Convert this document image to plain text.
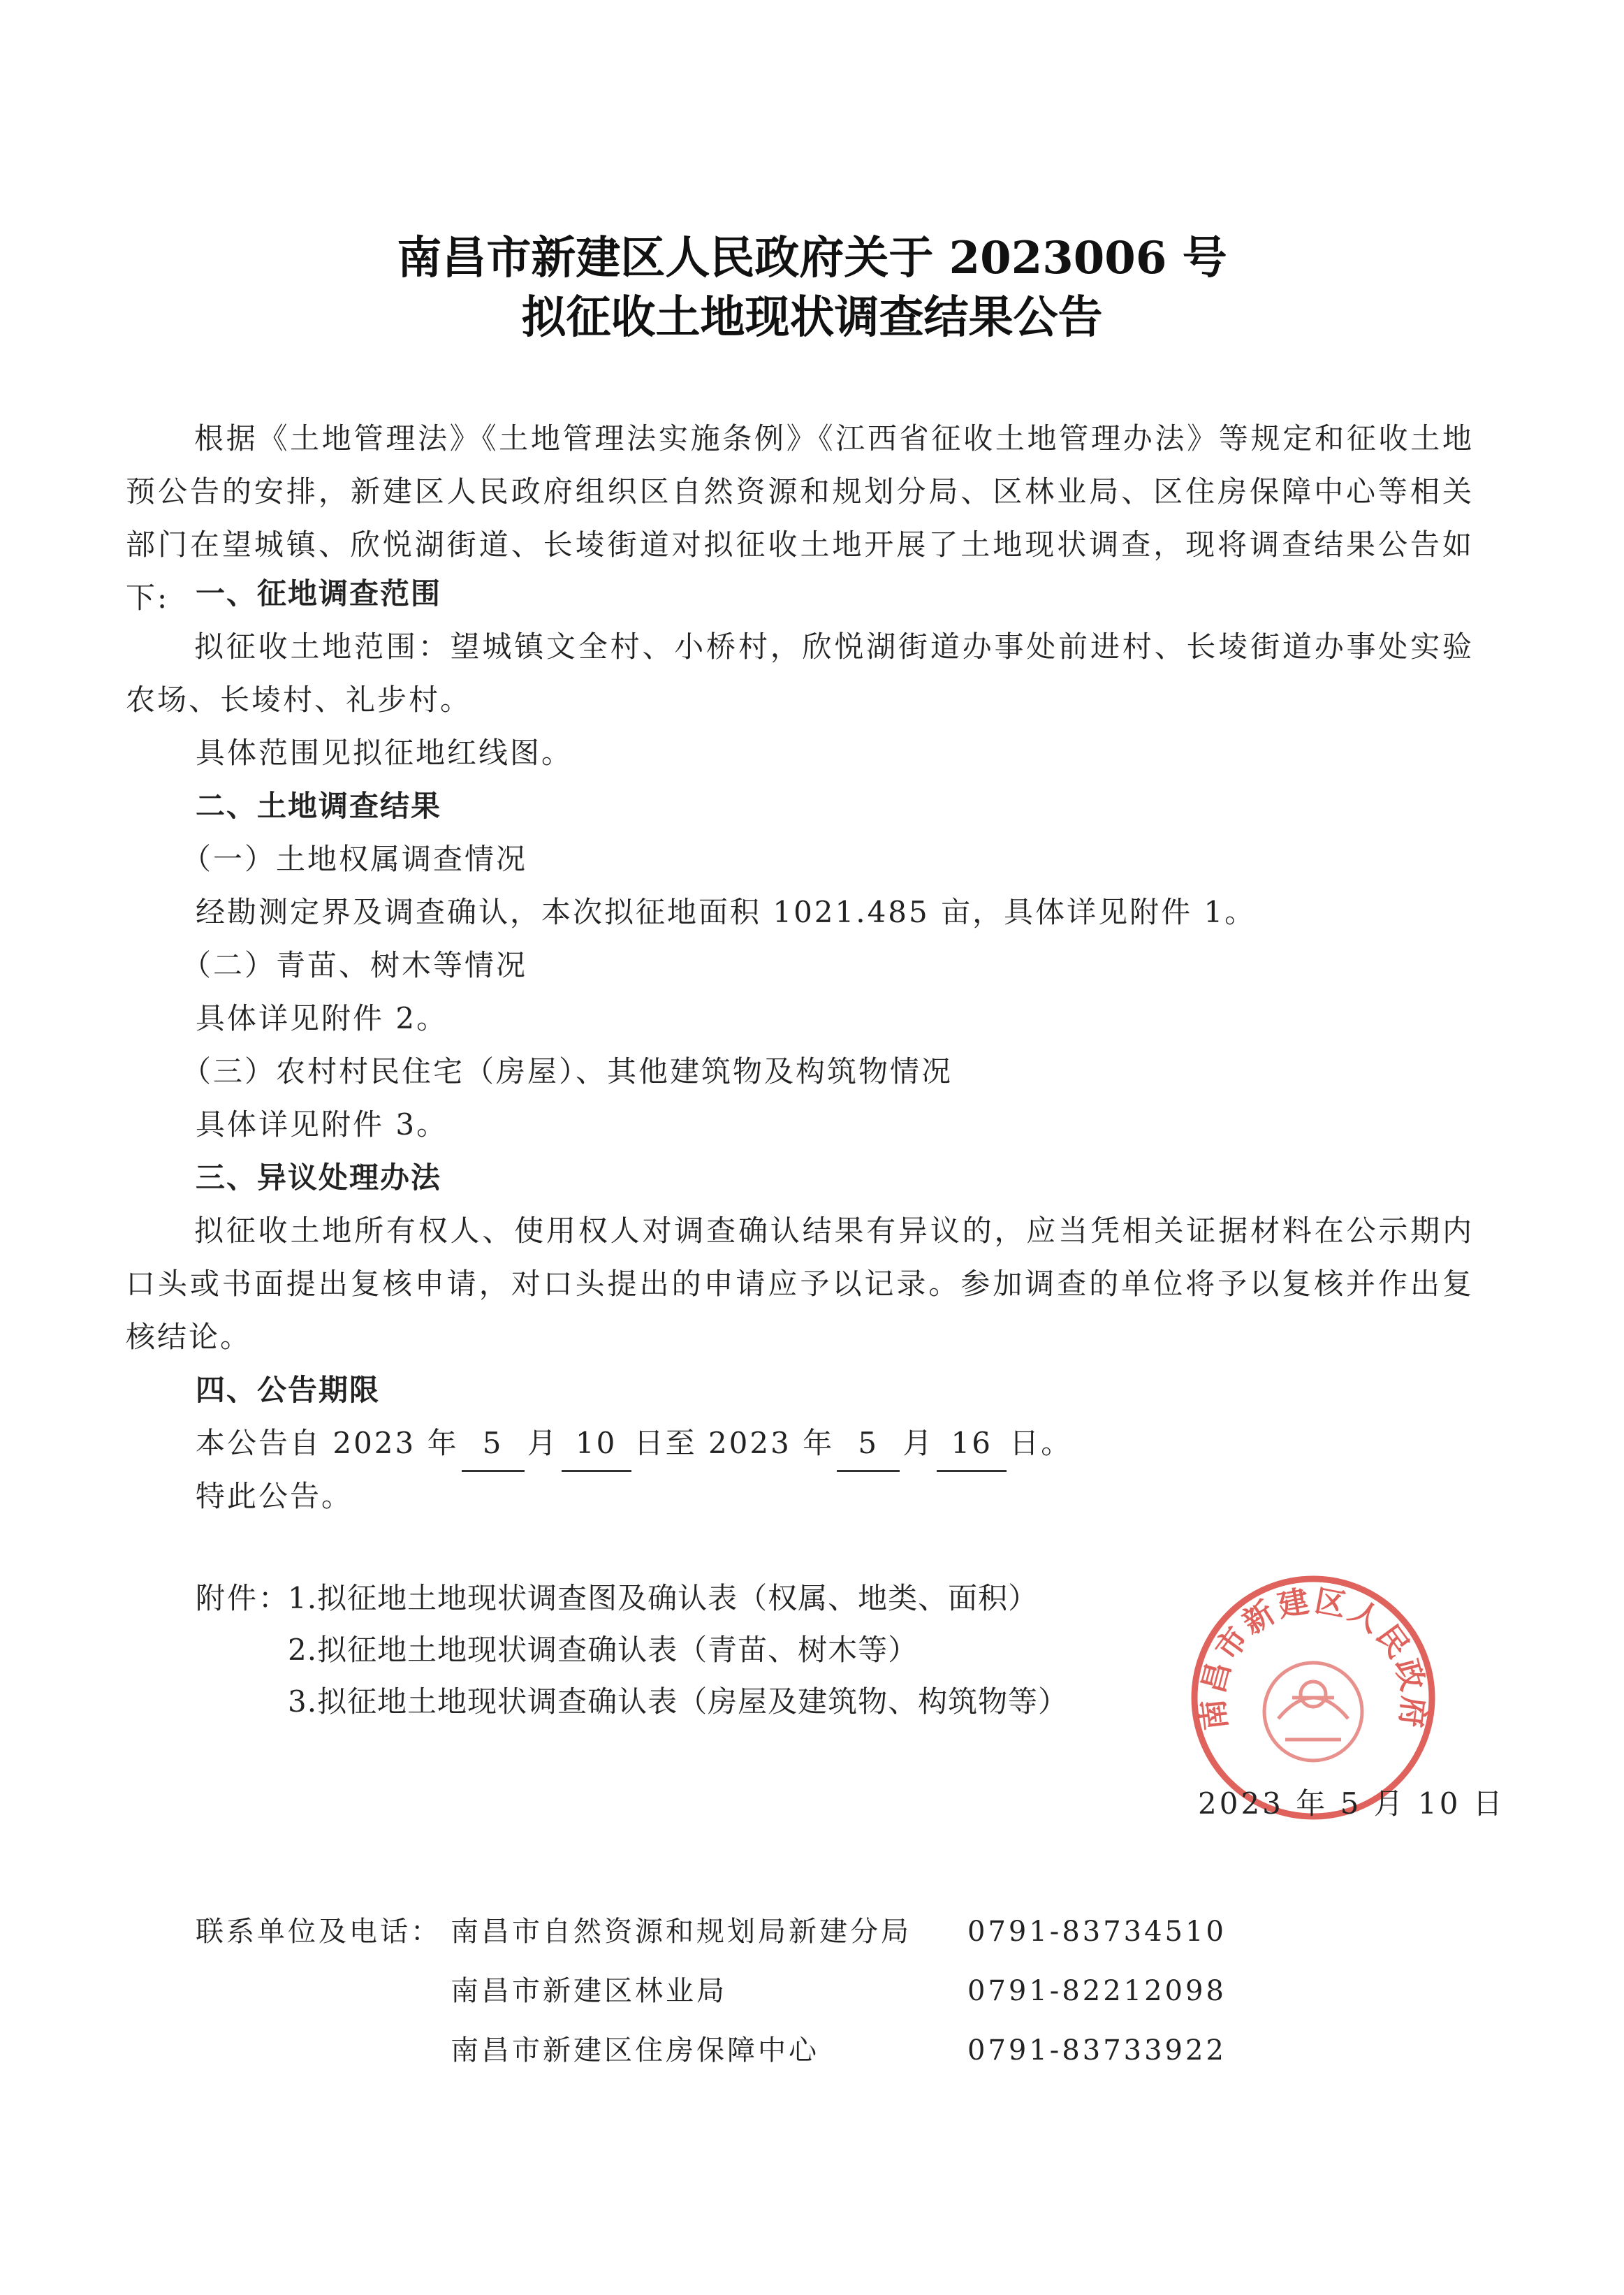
南昌市新建区人民政府关于 2023006 号
拟征收土地现状调查结果公告

根据《土地管理法》《土地管理法实施条例》《江西省征收土地管理办法》等规定和征收土地预公告的安排，新建区人民政府组织区自然资源和规划分局、区林业局、区住房保障中心等相关部门在望城镇、欣悦湖街道、长堎街道对拟征收土地开展了土地现状调查，现将调查结果公告如下: 一、征地调查范围

拟征收土地范围：望城镇文全村、小桥村，欣悦湖街道办事处前进村、长堎街道办事处实验农场、长堎村、礼步村。

具体范围见拟征地红线图。
二、土地调查结果
（一）土地权属调查情况
经勘测定界及调查确认，本次拟征地面积 1021.485 亩，具体详见附件 1。
（二）青苗、树木等情况
具体详见附件 2。
（三）农村村民住宅（房屋）、其他建筑物及构筑物情况
具体详见附件 3。
三、异议处理办法

拟征收土地所有权人、使用权人对调查确认结果有异议的，应当凭相关证据材料在公示期内口头或书面提出复核申请，对口头提出的申请应予以记录。参加调查的单位将予以复核并作出复核结论。

四、公告期限
本公告自 2023 年 5 月 10 日至 2023 年 5 月 16 日。
特此公告。
附件：
1.拟征地土地现状调查图及确认表（权属、地类、面积）
2.拟征地土地现状调查确认表（青苗、树木等）
3.拟征地土地现状调查确认表（房屋及建筑物、构筑物等）	南昌市新建区人民政府
2023 年 5 月 10 日
联系单位及电话： 南昌市自然资源和规划局新建分局 0791-83734510
南昌市新建区林业局	0791-82212098
南昌市新建区住房保障中心	0791-83733922
